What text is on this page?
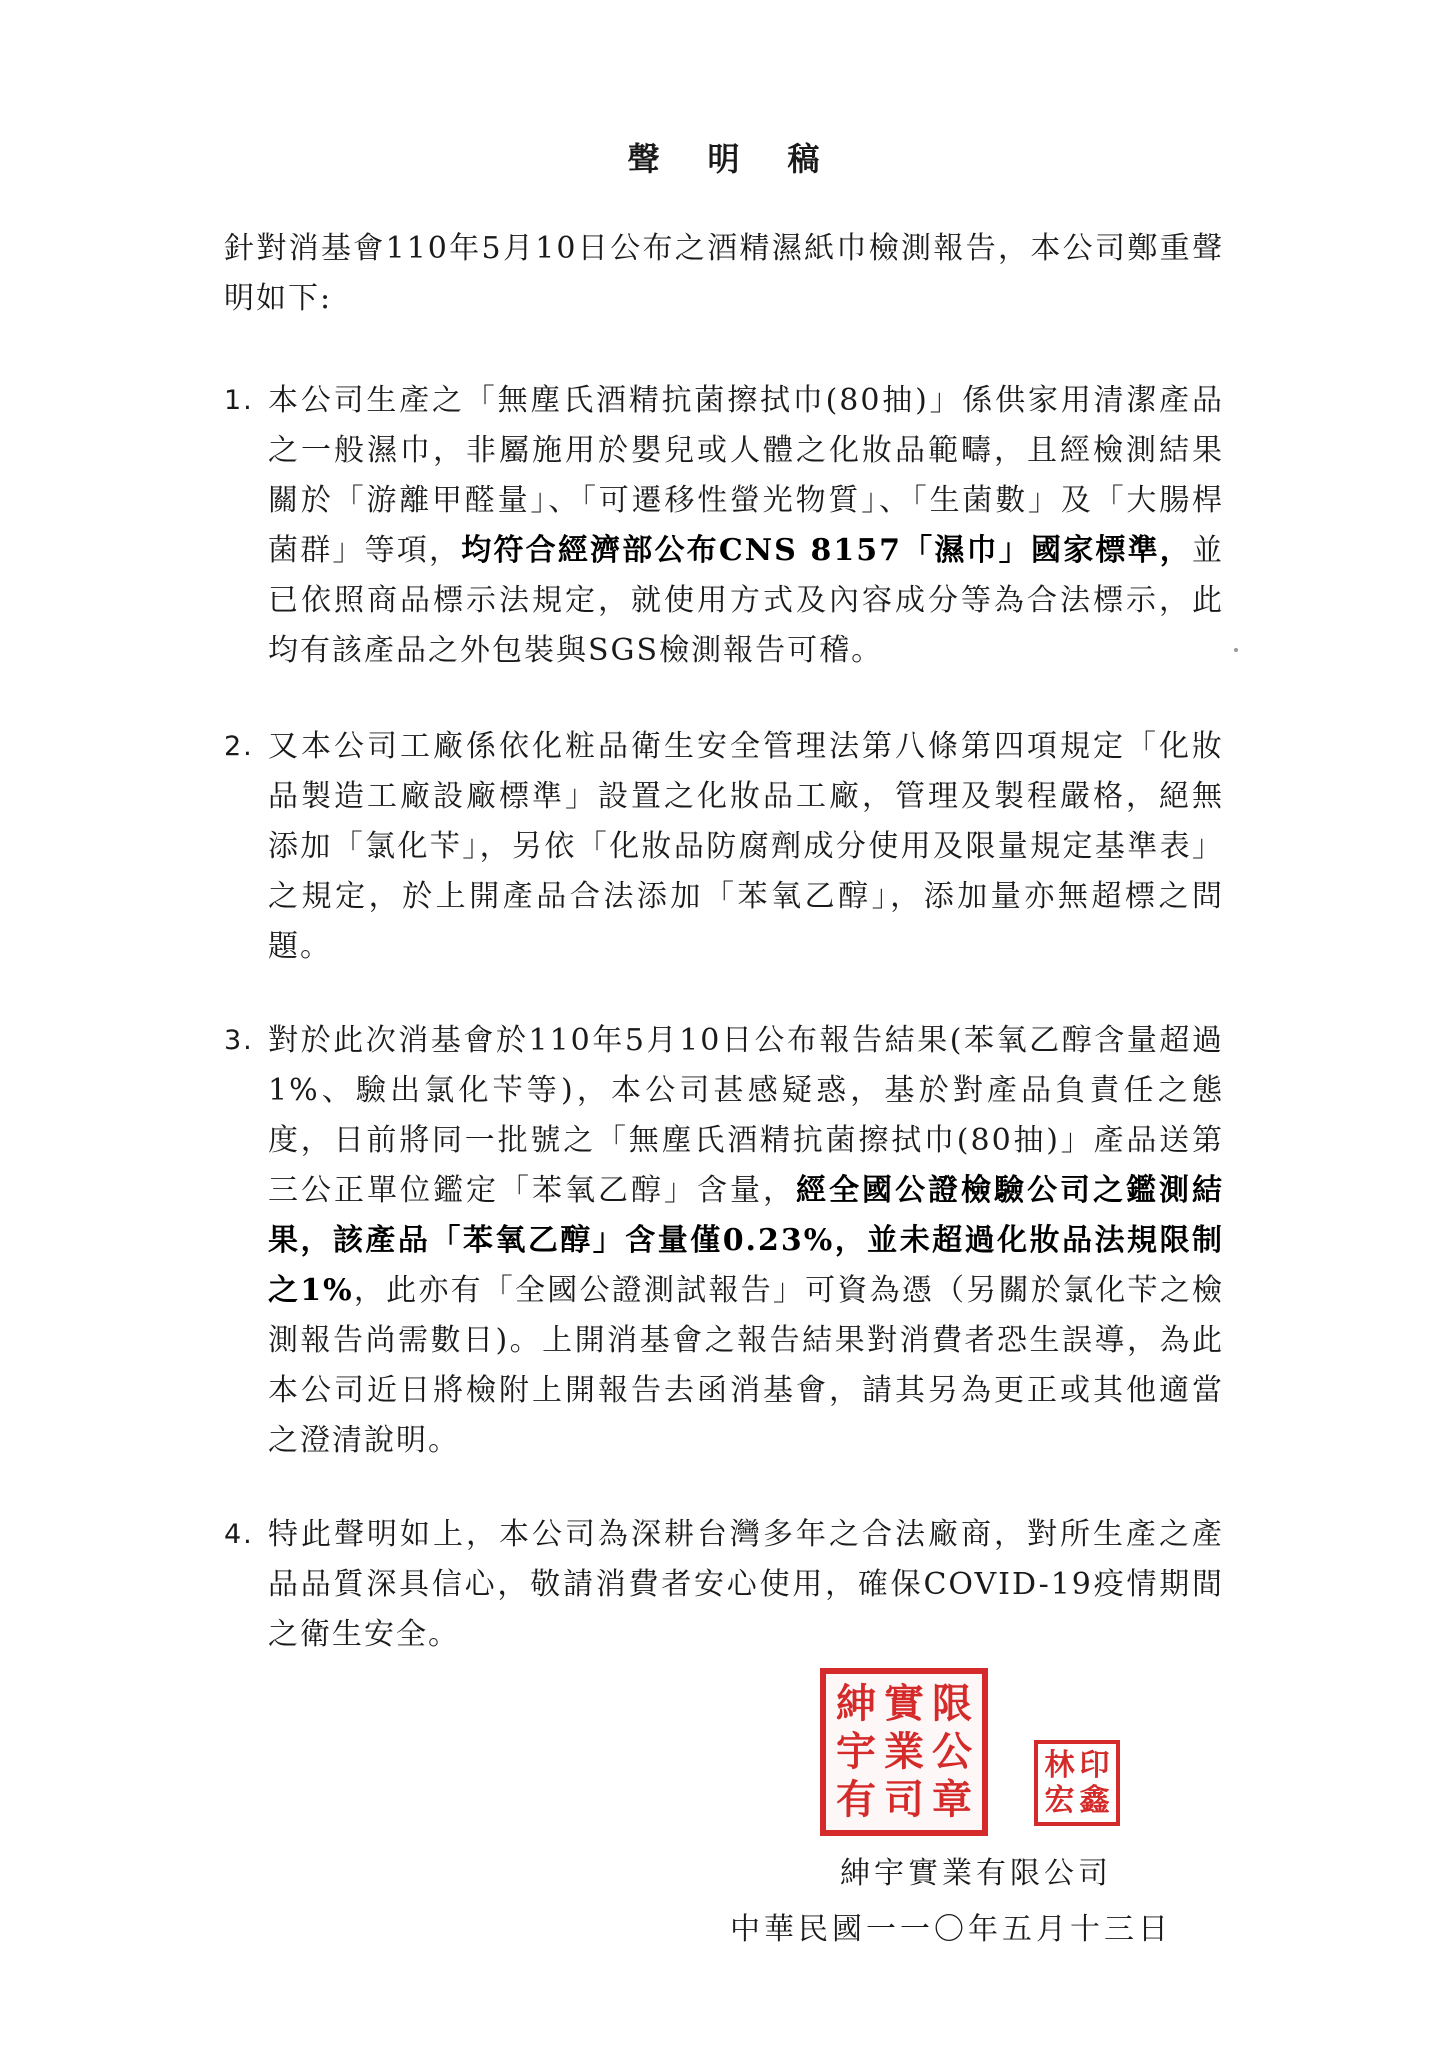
聲明稿
針對消基會110年5月10日公布之酒精濕紙巾檢測報告，本公司鄭重聲明如下:
1. 本公司生產之「無塵氏酒精抗菌擦拭巾(80抽)」係供家用清潔產品之一般濕巾，非屬施用於嬰兒或人體之化妝品範疇，且經檢測結果關於「游離甲醛量」、「可遷移性螢光物質」、「生菌數」及「大腸桿菌群」等項，均符合經濟部公布CNS 8157「濕巾」國家標準，並已依照商品標示法規定，就使用方式及內容成分等為合法標示，此均有該產品之外包裝與SGS檢測報告可稽。
2. 又本公司工廠係依化粧品衛生安全管理法第八條第四項規定「化妝品製造工廠設廠標準」設置之化妝品工廠，管理及製程嚴格，絕無添加「氯化苄」，另依「化妝品防腐劑成分使用及限量規定基準表」之規定，於上開產品合法添加「苯氧乙醇」，添加量亦無超標之問題。
3. 對於此次消基會於110年5月10日公布報告結果(苯氧乙醇含量超過1%、驗出氯化苄等)，本公司甚感疑惑，基於對產品負責任之態度，日前將同一批號之「無塵氏酒精抗菌擦拭巾(80抽)」產品送第三公正單位鑑定「苯氧乙醇」含量，經全國公證檢驗公司之鑑測結果，該產品「苯氧乙醇」含量僅0.23%，並未超過化妝品法規限制之1%，此亦有「全國公證測試報告」可資為憑（另關於氯化苄之檢測報告尚需數日)。上開消基會之報告結果對消費者恐生誤導，為此本公司近日將檢附上開報告去函消基會，請其另為更正或其他適當之澄清說明。
4. 特此聲明如上，本公司為深耕台灣多年之合法廠商，對所生產之產品品質深具信心，敬請消費者安心使用，確保COVID-19疫情期間之衛生安全。
紳 實 限
宇 業 公
有 司 章
林 印
宏 鑫
紳宇實業有限公司
中華民國一一〇年五月十三日
